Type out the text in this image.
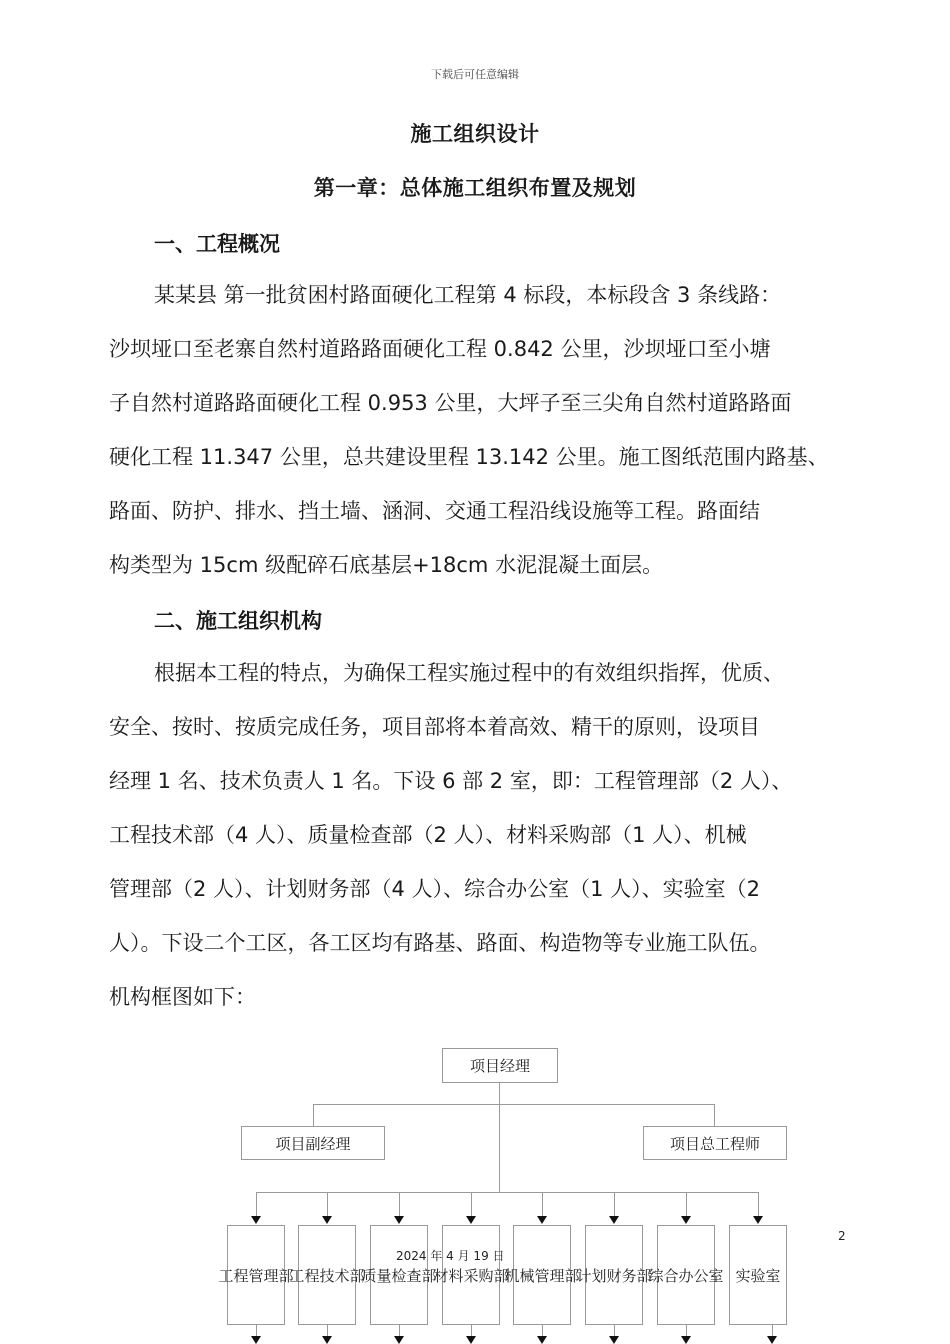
下载后可任意编辑
施工组织设计
第一章：总体施工组织布置及规划
一、工程概况
某某县 第一批贫困村路面硬化工程第 4 标段，本标段含 3 条线路：
沙坝垭口至老寨自然村道路路面硬化工程 0.842 公里，沙坝垭口至小塘
子自然村道路路面硬化工程 0.953 公里，大坪子至三尖角自然村道路路面
硬化工程 11.347 公里，总共建设里程 13.142 公里。施工图纸范围内路基、
路面、防护、排水、挡土墙、涵洞、交通工程沿线设施等工程。路面结
构类型为 15cm 级配碎石底基层+18cm 水泥混凝土面层。
二、施工组织机构
根据本工程的特点，为确保工程实施过程中的有效组织指挥，优质、
安全、按时、按质完成任务，项目部将本着高效、精干的原则，设项目
经理 1 名、技术负责人 1 名。下设 6 部 2 室，即：工程管理部（2 人）、
工程技术部（4 人）、质量检查部（2 人）、材料采购部（1 人）、机械
管理部（2 人）、计划财务部（4 人）、综合办公室（1 人）、实验室（2
人）。下设二个工区，各工区均有路基、路面、构造物等专业施工队伍。
机构框图如下：
项目经理
项目副经理	项目总工程师
工程管理部
工程技术部
质量检查部
材料采购部
机械管理部
计划财务部
综合办公室 实验室
2
2024 年 4 月 19 日
